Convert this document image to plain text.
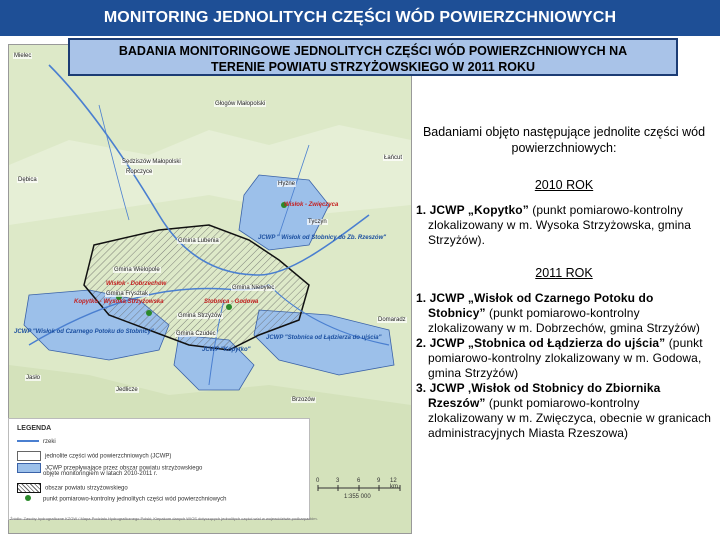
MONITORING JEDNOLITYCH CZĘŚCI WÓD POWIERZCHNIOWYCH
Mielec
Głogów Małopolski
Sędziszów Małopolski
Ropczyce
Łańcut
Dębica
Hyżne
Wisłok - Zwięczyca
Tyczyn
Gmina Lubenia	JCWP " Wisłok od Stobnicy do Zb. Rzeszów"
Gmina Wielopole
Wisłok - Dobrzechów
Gmina Frysztak
Gmina Niebylec
Kopytko - Wysoka Strzyżowska	Stobnica - Godowa
JCWP "Wisłok od Czarnego Potoku do Stobnicy"
Gmina Strzyżów
Gmina Czudec
JCWP "Stobnica od Łądzierza do ujścia"
Domaradz
JCWP "Kopytko"
Jasło
Jedlicze
Brzozów
LEGENDA
rzeki
jednolite części wód powierzchniowych (JCWP)
JCWP przepływające przez obszar powiatu strzyżowskiego
objęte monitoringiem w latach 2010-2011 r.
obszar powiatu strzyżowskiego
punkt pomiarowo-kontrolny jednolitych części wód powierzchniowych
0	3	6	9 12 km
1:355 000
Źródło: Zasoby hydrograficzne KZGW / Mapa Podziału Hydrograficznego Polski; Kiepakom danych WIOS dotyczących jednolitych części wód w województwie podkarpackim.
BADANIA MONITORINGOWE JEDNOLITYCH CZĘŚCI WÓD POWIERZCHNIOWYCH NA
TERENIE POWIATU STRZYŻOWSKIEGO W 2011 ROKU
Badaniami objęto następujące jednolite części wód powierzchniowych:
2010 ROK
1. JCWP „Kopytko” (punkt pomiarowo-kontrolny zlokalizowany w m. Wysoka Strzyżowska, gmina Strzyżów).
2011 ROK
1. JCWP „Wisłok od Czarnego Potoku do Stobnicy” (punkt pomiarowo-kontrolny zlokalizowany w m. Dobrzechów, gmina Strzyżów)
2. JCWP „Stobnica od Łądzierza do ujścia” (punkt pomiarowo-kontrolny zlokalizowany w m. Godowa, gmina Strzyżów)
3. JCWP ‚Wisłok od Stobnicy do Zbiornika Rzeszów” (punkt pomiarowo-kontrolny zlokalizowany w m. Zwięczyca, obecnie w granicach administracyjnych Miasta Rzeszowa)
